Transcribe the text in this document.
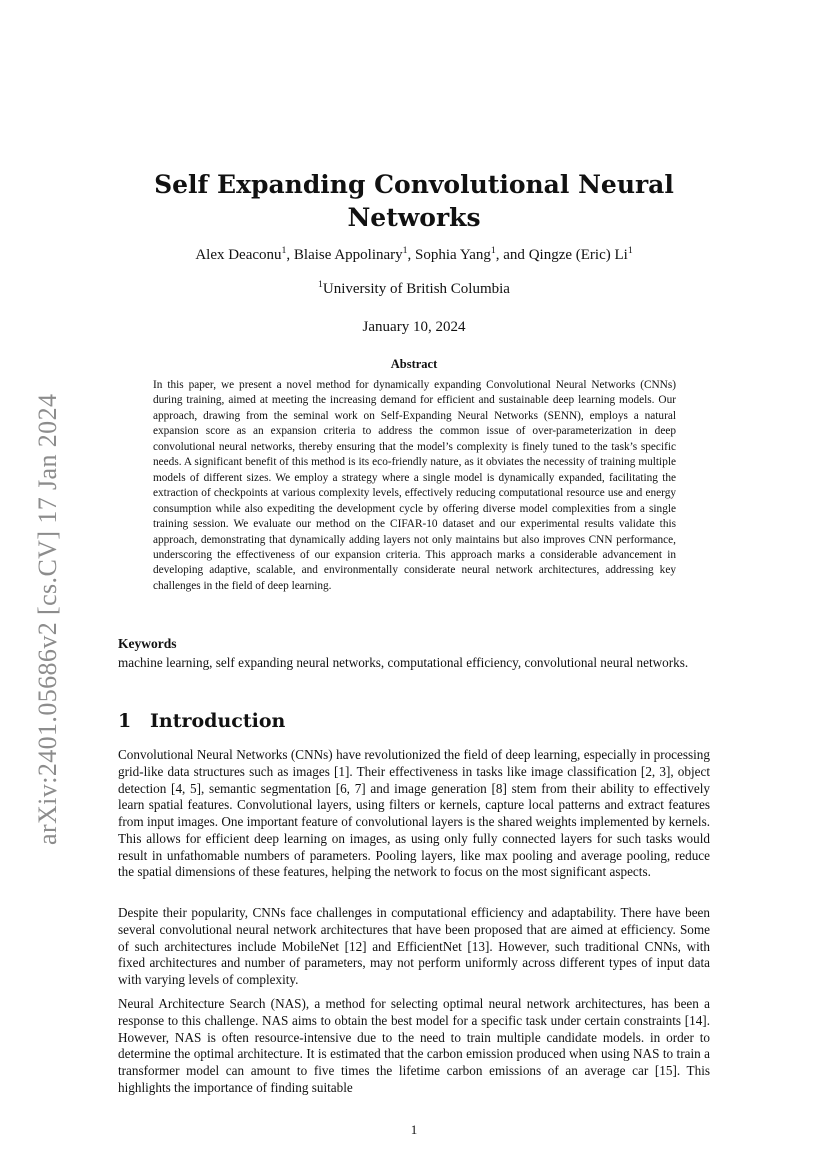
arXiv:2401.05686v2 [cs.CV] 17 Jan 2024
Self Expanding Convolutional Neural Networks
Alex Deaconu$^1$, Blaise Appolinary$^1$, Sophia Yang$^1$, and Qingze (Eric) Li$^1$
$^1$University of British Columbia
January 10, 2024
Abstract

In this paper, we present a novel method for dynamically expanding Convolutional Neural Networks (CNNs) during training, aimed at meeting the increasing demand for efficient and sustainable deep learning models. Our approach, drawing from the seminal work on Self-Expanding Neural Networks (SENN), employs a natural expansion score as an expansion criteria to address the common issue of over-parameterization in deep convolutional neural networks, thereby ensuring that the model’s complexity is finely tuned to the task’s specific needs. A significant benefit of this method is its eco-friendly nature, as it obviates the necessity of training multiple models of different sizes. We employ a strategy where a single model is dynamically expanded, facilitating the extraction of checkpoints at various complexity levels, effectively reducing computational resource use and energy consumption while also expediting the development cycle by offering diverse model complexities from a single training session. We evaluate our method on the CIFAR-10 dataset and our experimental results validate this approach, demonstrating that dynamically adding layers not only maintains but also improves CNN performance, underscoring the effectiveness of our expansion criteria. This approach marks a considerable advancement in developing adaptive, scalable, and environmentally considerate neural network architectures, addressing key challenges in the field of deep learning.

Keywords

machine learning, self expanding neural networks, computational efficiency, convolutional neural networks.

1 Introduction

Convolutional Neural Networks (CNNs) have revolutionized the field of deep learning, especially in processing grid-like data structures such as images [1]. Their effectiveness in tasks like image classification [2, 3], object detection [4, 5], semantic segmentation [6, 7] and image generation [8] stem from their ability to effectively learn spatial features. Convolutional layers, using filters or kernels, capture local patterns and extract features from input images. One important feature of convolutional layers is the shared weights implemented by kernels. This allows for efficient deep learning on images, as using only fully connected layers for such tasks would result in unfathomable numbers of parameters. Pooling layers, like max pooling and average pooling, reduce the spatial dimensions of these features, helping the network to focus on the most significant aspects.

Despite their popularity, CNNs face challenges in computational efficiency and adaptability. There have been several convolutional neural network architectures that have been proposed that are aimed at efficiency. Some of such architectures include MobileNet [12] and EfficientNet [13]. However, such traditional CNNs, with fixed architectures and number of parameters, may not perform uniformly across different types of input data with varying levels of complexity.

Neural Architecture Search (NAS), a method for selecting optimal neural network architectures, has been a response to this challenge. NAS aims to obtain the best model for a specific task under certain constraints [14]. However, NAS is often resource-intensive due to the need to train multiple candidate models. in order to determine the optimal architecture. It is estimated that the carbon emission produced when using NAS to train a transformer model can amount to five times the lifetime carbon emissions of an average car [15]. This highlights the importance of finding suitable

1
